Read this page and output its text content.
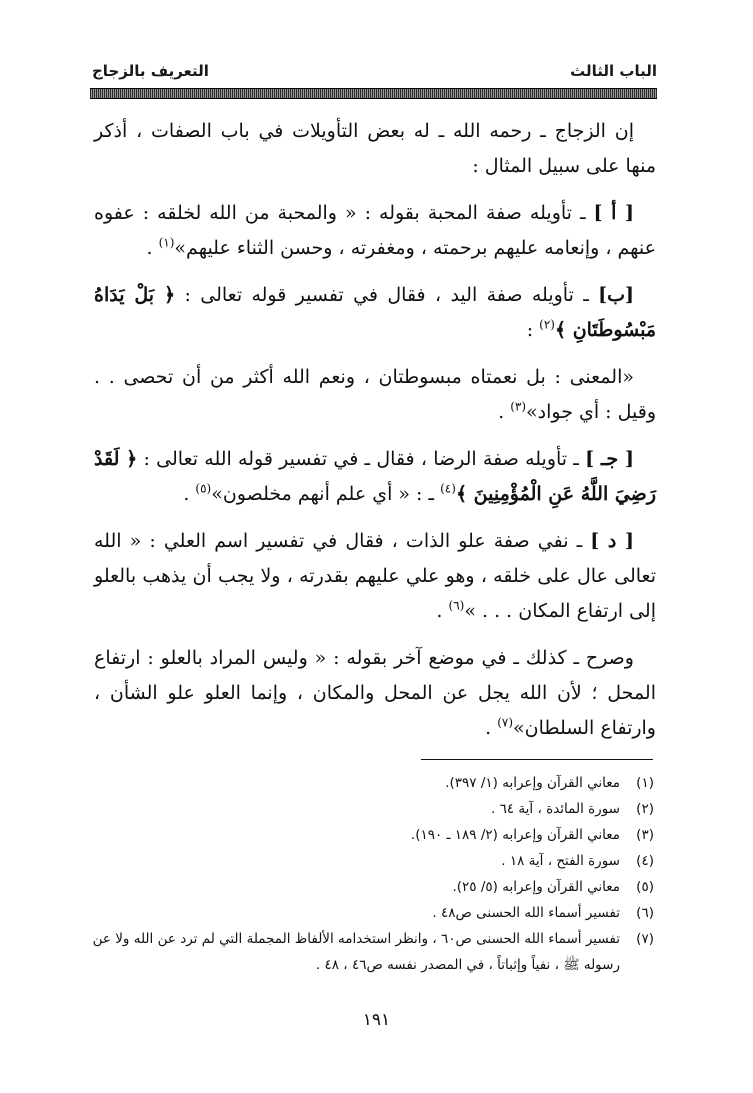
الباب الثالث
التعريف بالزجاج

إن الزجاج ـ رحمه الله ـ له بعض التأويلات في باب الصفات ، أذكر منها على سبيل المثال :

[ أ ] ـ تأويله صفة المحبة بقوله : « والمحبة من الله لخلقه : عفوه عنهم ، وإنعامه عليهم برحمته ، ومغفرته ، وحسن الثناء عليهم»$^{(١)}$ .

[ب] ـ تأويله صفة اليد ، فقال في تفسير قوله تعالى : ﴿ بَلْ يَدَاهُ مَبْسُوطَتَانِ ﴾$^{(٢)}$ :

«المعنى : بل نعمتاه مبسوطتان ، ونعم الله أكثر من أن تحصى . . وقيل : أي جواد»$^{(٣)}$ .

[ جـ ] ـ تأويله صفة الرضا ، فقال ـ في تفسير قوله الله تعالى : ﴿ لَقَدْ رَضِيَ اللَّهُ عَنِ الْمُؤْمِنِينَ ﴾$^{(٤)}$ ـ : « أي علم أنهم مخلصون»$^{(٥)}$ .

[ د ] ـ نفي صفة علو الذات ، فقال في تفسير اسم العلي : « الله تعالى عال على خلقه ، وهو علي عليهم بقدرته ، ولا يجب أن يذهب بالعلو إلى ارتفاع المكان . . . »$^{(٦)}$ .

وصرح ـ كذلك ـ في موضع آخر بقوله : « وليس المراد بالعلو : ارتفاع المحل ؛ لأن الله يجل عن المحل والمكان ، وإنما العلو علو الشأن ، وارتفاع السلطان»$^{(٧)}$ .

(١)
معاني القرآن وإعرابه (١/ ٣٩٧).
(٢)
سورة المائدة ، آية ٦٤ .
(٣)
معاني القرآن وإعرابه (٢/ ١٨٩ ـ ١٩٠).
(٤)
سورة الفتح ، آية ١٨ .
(٥)
معاني القرآن وإعرابه (٥/ ٢٥).
(٦)
تفسير أسماء الله الحسنى ص٤٨ .
(٧)
تفسير أسماء الله الحسنى ص٦٠ ، وانظر استخدامه الألفاظ المجملة التي لم ترد عن الله ولا عن رسوله ﷺ ، نفياً وإثباتاً ، في المصدر نفسه ص٤٦ ، ٤٨ .
١٩١
